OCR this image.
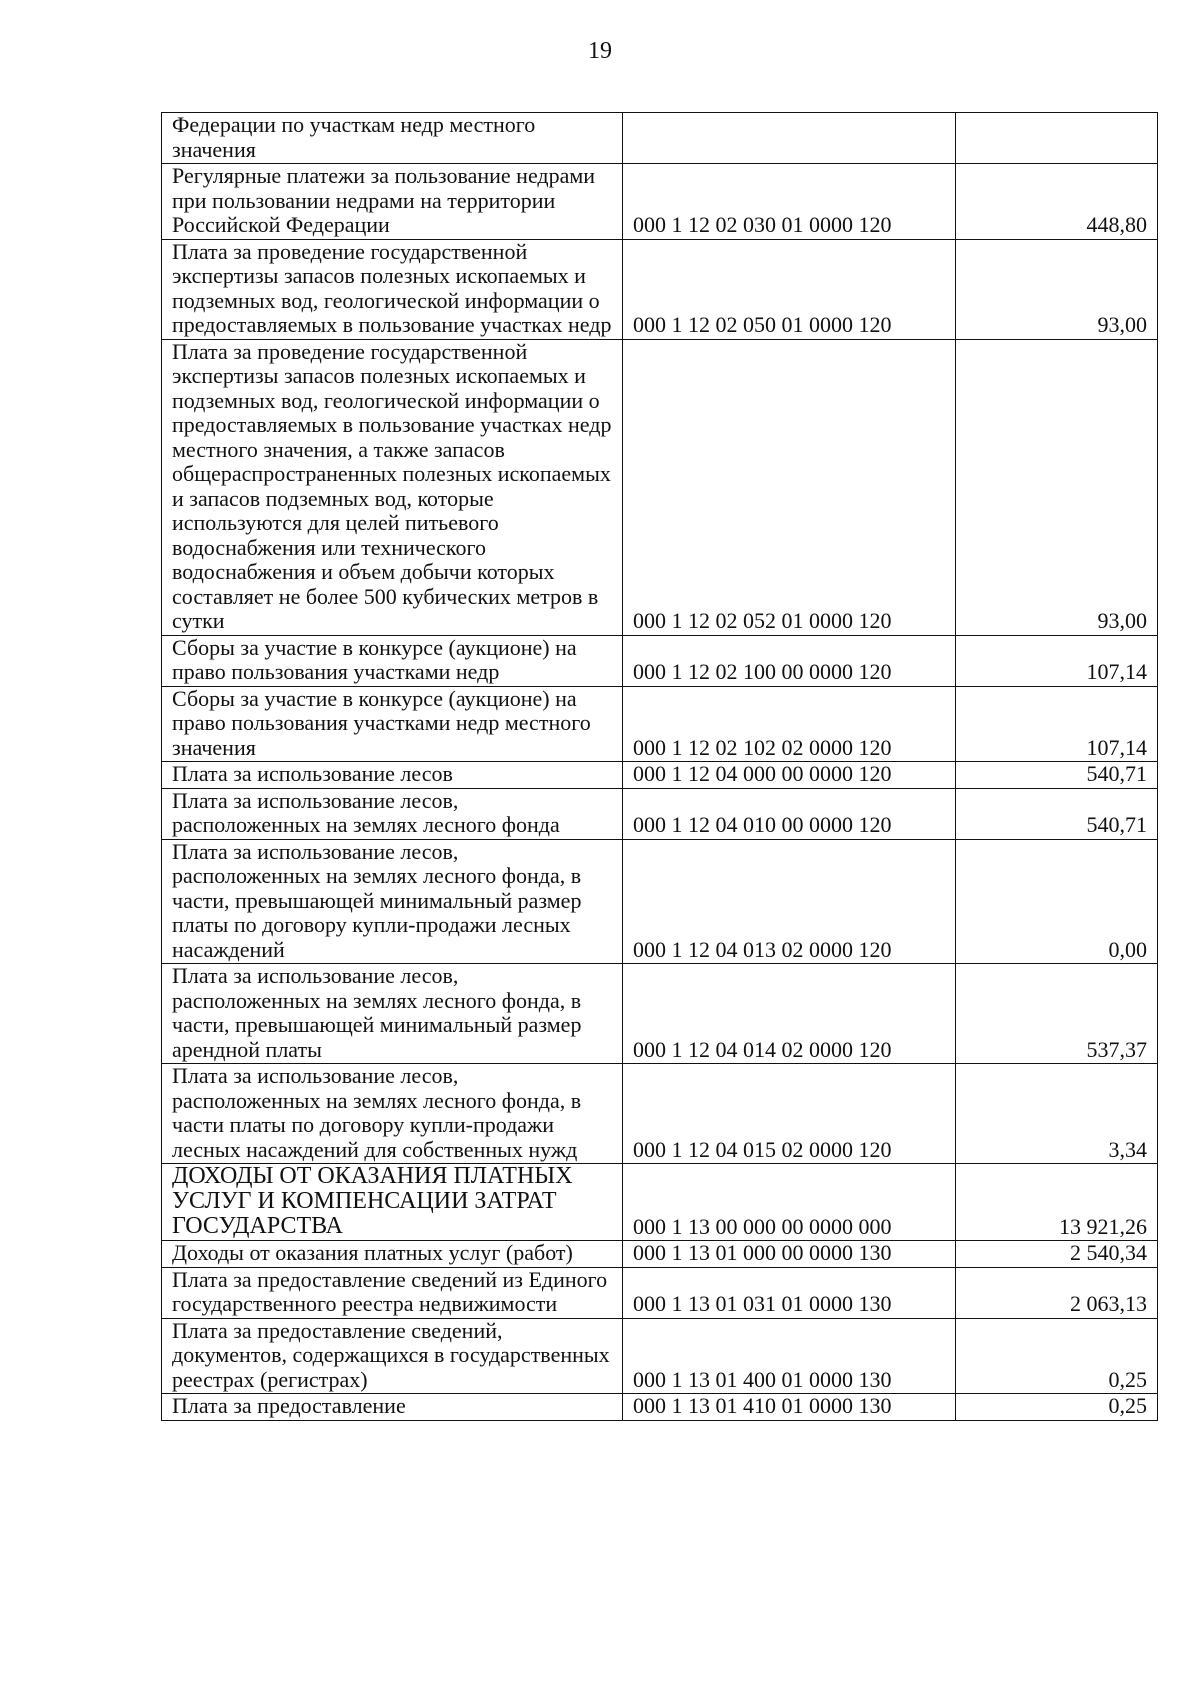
19
Федерации по участкам недр местного значения		
Регулярные платежи за пользование недрами при пользовании недрами на территории Российской Федерации	000 1 12 02 030 01 0000 120	448,80
Плата за проведение государственной экспертизы запасов полезных ископаемых и подземных вод, геологической информации о предоставляемых в пользование участках недр	000 1 12 02 050 01 0000 120	93,00
Плата за проведение государственной экспертизы запасов полезных ископаемых и подземных вод, геологической информации о предоставляемых в пользование участках недр местного значения, а также запасов общераспространенных полезных ископаемых и запасов подземных вод, которые используются для целей питьевого водоснабжения или технического водоснабжения и объем добычи которых составляет не более 500 кубических метров в сутки	000 1 12 02 052 01 0000 120	93,00
Сборы за участие в конкурсе (аукционе) на право пользования участками недр	000 1 12 02 100 00 0000 120	107,14
Сборы за участие в конкурсе (аукционе) на право пользования участками недр местного значения	000 1 12 02 102 02 0000 120	107,14
Плата за использование лесов	000 1 12 04 000 00 0000 120	540,71
Плата за использование лесов, расположенных на землях лесного фонда	000 1 12 04 010 00 0000 120	540,71
Плата за использование лесов, расположенных на землях лесного фонда, в части, превышающей минимальный размер платы по договору купли-продажи лесных насаждений	000 1 12 04 013 02 0000 120	0,00
Плата за использование лесов, расположенных на землях лесного фонда, в части, превышающей минимальный размер арендной платы	000 1 12 04 014 02 0000 120	537,37
Плата за использование лесов, расположенных на землях лесного фонда, в части платы по договору купли-продажи лесных насаждений для собственных нужд	000 1 12 04 015 02 0000 120	3,34
ДОХОДЫ ОТ ОКАЗАНИЯ ПЛАТНЫХ УСЛУГ И КОМПЕНСАЦИИ ЗАТРАТ ГОСУДАРСТВА	000 1 13 00 000 00 0000 000	13 921,26
Доходы от оказания платных услуг (работ)	000 1 13 01 000 00 0000 130	2 540,34
Плата за предоставление сведений из Единого государственного реестра недвижимости	000 1 13 01 031 01 0000 130	2 063,13
Плата за предоставление сведений, документов, содержащихся в государственных реестрах (регистрах)	000 1 13 01 400 01 0000 130	0,25
Плата за предоставление	000 1 13 01 410 01 0000 130	0,25
